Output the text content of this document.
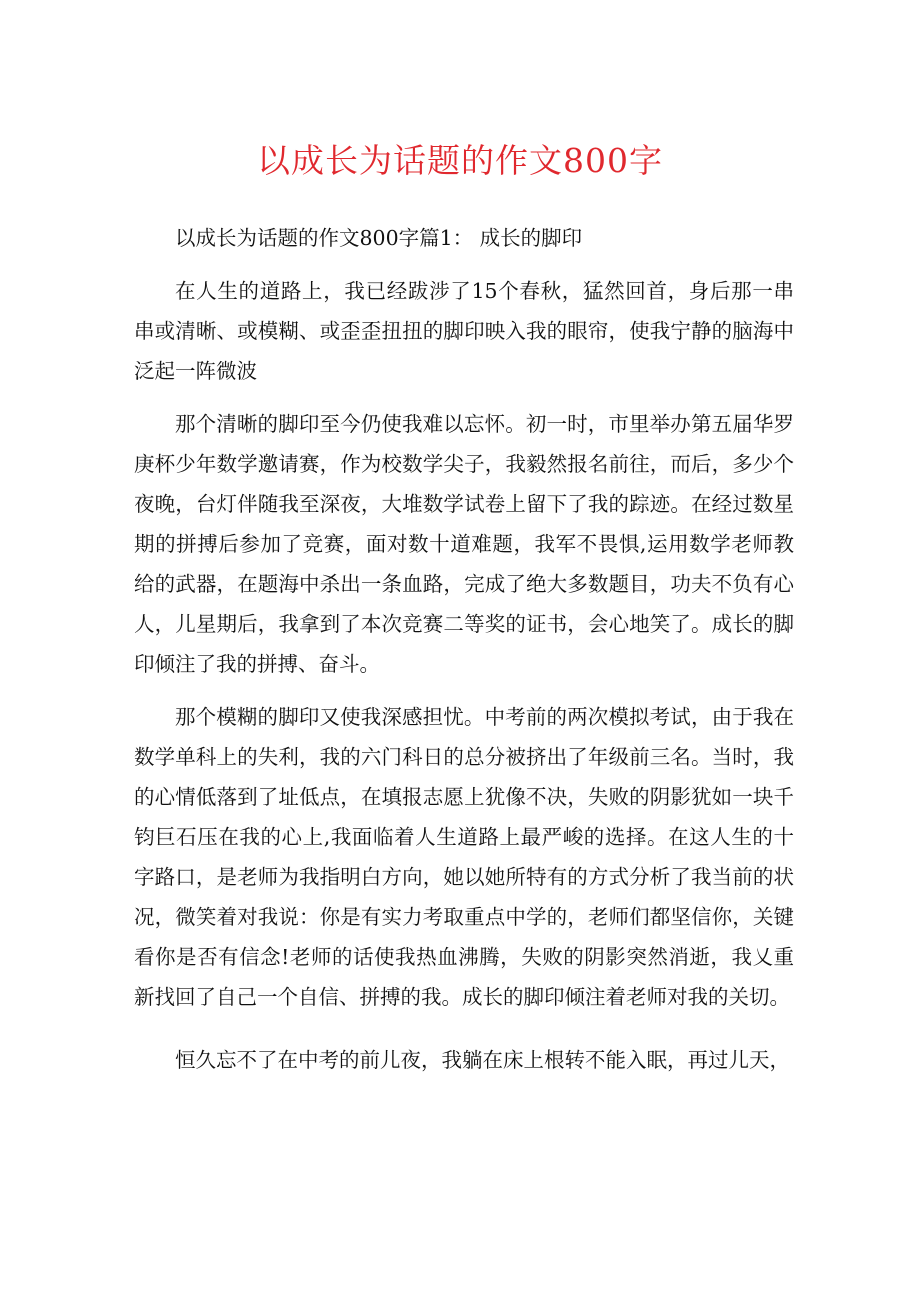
以成长为话题的作文800字

以成长为话题的作文800字篇1： 成长的脚印

在人生的道路上，我已经跋涉了15个春秋，猛然回首，身后那一串串或清晰、或模糊、或歪歪扭扭的脚印映入我的眼帘，使我宁静的脑海中泛起一阵微波

那个清晰的脚印至今仍使我难以忘怀。初一时，市里举办第五届华罗庚杯少年数学邀请赛，作为校数学尖子，我毅然报名前往，而后，多少个夜晚，台灯伴随我至深夜，大堆数学试卷上留下了我的踪迹。在经过数星期的拼搏后参加了竞赛，面对数十道难题，我军不畏惧,运用数学老师教给的武器，在题海中杀出一条血路，完成了绝大多数题目，功夫不负有心人，儿星期后，我拿到了本次竞赛二等奖的证书，会心地笑了。成长的脚印倾注了我的拼搏、奋斗。

那个模糊的脚印又使我深感担忧。中考前的两次模拟考试，由于我在数学单科上的失利，我的六门科日的总分被挤出了年级前三名。当时，我的心情低落到了址低点，在填报志愿上犹像不决，失败的阴影犹如一块千钧巨石压在我的心上,我面临着人生道路上最严峻的选择。在这人生的十字路口，是老师为我指明白方向，她以她所特有的方式分析了我当前的状况，微笑着对我说：你是有实力考取重点中学的，老师们都坚信你，关键看你是否有信念!老师的话使我热血沸腾，失败的阴影突然消逝，我乂重新找回了自己一个自信、拼搏的我。成长的脚印倾注着老师对我的关切。

恒久忘不了在中考的前儿夜，我躺在床上根转不能入眠，再过儿天，
